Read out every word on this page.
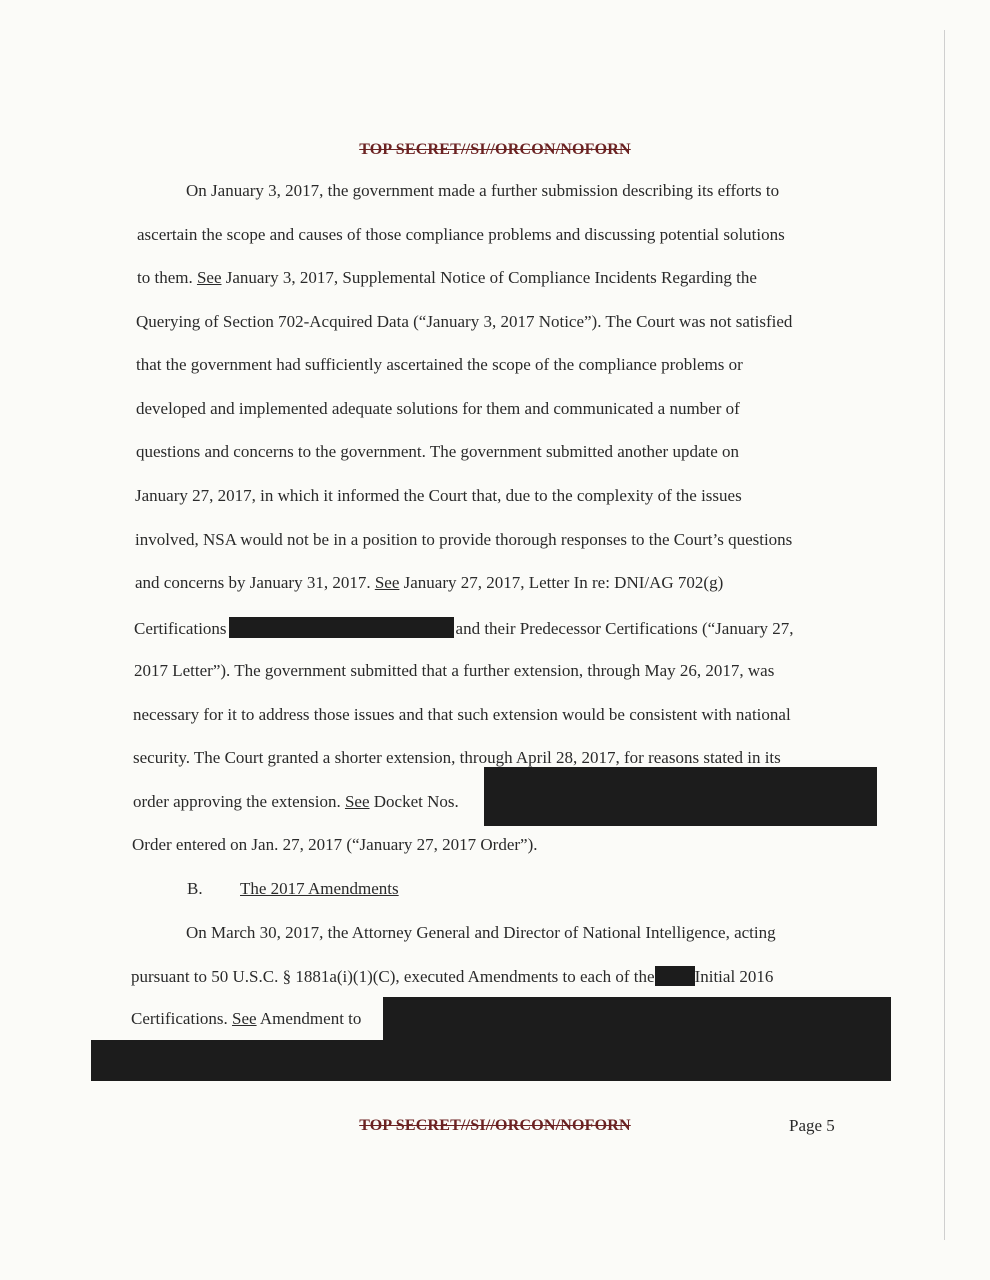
TOP SECRET//SI//ORCON/NOFORN
On January 3, 2017, the government made a further submission describing its efforts to
ascertain the scope and causes of those compliance problems and discussing potential solutions
to them. See January 3, 2017, Supplemental Notice of Compliance Incidents Regarding the
Querying of Section 702-Acquired Data (“January 3, 2017 Notice”). The Court was not satisfied
that the government had sufficiently ascertained the scope of the compliance problems or
developed and implemented adequate solutions for them and communicated a number of
questions and concerns to the government. The government submitted another update on
January 27, 2017, in which it informed the Court that, due to the complexity of the issues
involved, NSA would not be in a position to provide thorough responses to the Court’s questions
and concerns by January 31, 2017. See January 27, 2017, Letter In re: DNI/AG 702(g)
Certifications	and their Predecessor Certifications (“January 27,
2017 Letter”). The government submitted that a further extension, through May 26, 2017, was
necessary for it to address those issues and that such extension would be consistent with national
security. The Court granted a shorter extension, through April 28, 2017, for reasons stated in its
order approving the extension. See Docket Nos.
Order entered on Jan. 27, 2017 (“January 27, 2017 Order”).
B. The 2017 Amendments
On March 30, 2017, the Attorney General and Director of National Intelligence, acting
pursuant to 50 U.S.C. § 1881a(i)(1)(C), executed Amendments to each of the Initial 2016
Certifications. See Amendment to
TOP SECRET//SI//ORCON/NOFORN	Page 5
